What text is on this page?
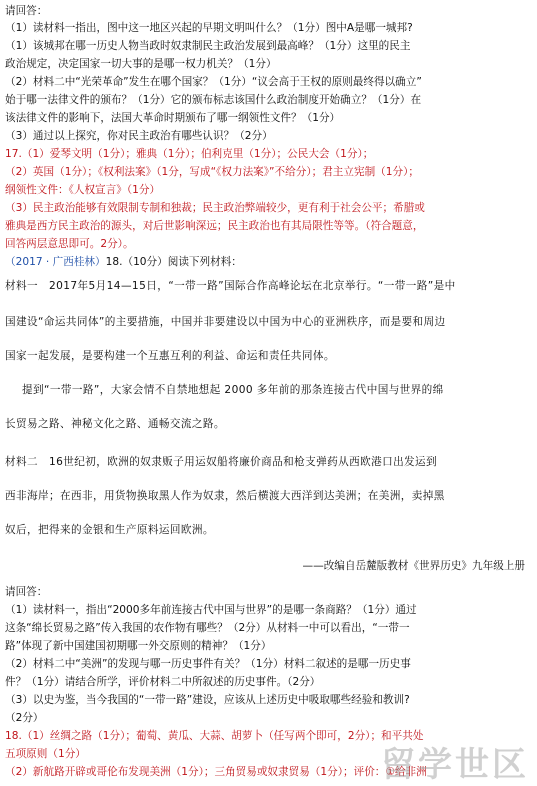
请回答：
（1）读材料一指出，图中这一地区兴起的早期文明叫什么？（1分）图中A是哪一城邦?
（1）该城邦在哪一历史人物当政时奴隶制民主政治发展到最高峰？（1分）这里的民主
政治规定，决定国家一切大事的是哪一权力机关？（1分）
（2）材料二中“光荣革命”发生在哪个国家？（1分）“议会高于王权的原则最终得以确立”
始于哪一法律文件的颁布？（1分）它的颁布标志该国什么政治制度开始确立？（1分）在
该法律文件的影响下，法国大革命时期颁布了哪一纲领性文件？（1分）
（3）通过以上探究，你对民主政治有哪些认识？（2分）
17.（1）爱琴文明（1分）；雅典（1分）；伯利克里（1分）；公民大会（1分）；
（2）英国（1分）；《权利法案》（1分，写成“《权力法案》”不给分）；君主立宪制（1分）；
纲领性文件：《人权宣言》（1分）
（3）民主政治能够有效限制专制和独裁；民主政治弊端较少，更有利于社会公平；希腊或
雅典是西方民主政治的源头，对后世影响深远；民主政治也有其局限性等等。（符合题意，
回答两层意思即可。2分）。
（2017 · 广西桂林）18.（10分）阅读下列材料：
材料一　2017年5月14—15日，“一带一路”国际合作高峰论坛在北京举行。“一带一路”是中
国建设“命运共同体”的主要措施，中国并非要建设以中国为中心的亚洲秩序，而是要和周边
国家一起发展，是要构建一个互惠互利的利益、命运和责任共同体。
提到“一带一路”，大家会情不自禁地想起 2000 多年前的那条连接古代中国与世界的绵
长贸易之路、神秘文化之路、通畅交流之路。
材料二　16世纪初，欧洲的奴隶贩子用运奴船将廉价商品和枪支弹药从西欧港口出发运到
西非海岸；在西非，用货物换取黑人作为奴隶，然后横渡大西洋到达美洲；在美洲，卖掉黑
奴后，把得来的金银和生产原料运回欧洲。
——改编自岳麓版教材《世界历史》九年级上册
请回答：
（1）读材料一，指出“2000多年前连接古代中国与世界”的是哪一条商路？（1分）通过
这条“绵长贸易之路”传入我国的农作物有哪些？（2分）从材料一中可以看出，“一带一
路”体现了新中国建国初期哪一外交原则的精神？（1分）
（2）材料二中“美洲”的发现与哪一历史事件有关？（1分）材料二叙述的是哪一历史事
件？（1分）请结合所学，评价材料二中所叙述的历史事件。（2分）
（3）以史为鉴，当今我国的“一带一路”建设，应该从上述历史中吸取哪些经验和教训?
（2分）
18.（1）丝绸之路（1分）；葡萄、黄瓜、大蒜、胡萝卜（任写两个即可，2分）；和平共处
五项原则（1分）
（2）新航路开辟或哥伦布发现美洲（1分）；三角贸易或奴隶贸易（1分）；评价：①给非洲
留学世区
